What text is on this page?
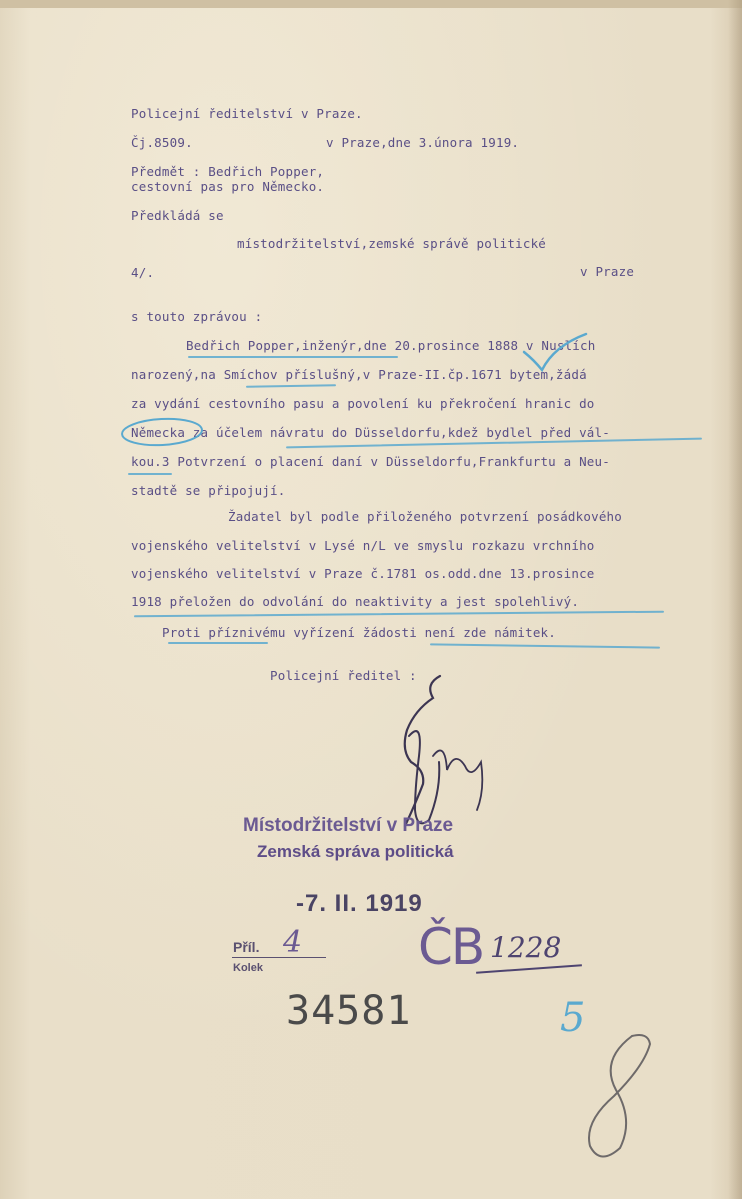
Policejní ředitelství v Praze.
Čj.8509.	v Praze,dne 3.února 1919.
Předmět : Bedřich Popper,
cestovní pas pro Německo.
Předkládá se
místodržitelství,zemské správě politické
4/.	v Praze
s touto zprávou :
Bedřich Popper,inženýr,dne 20.prosince 1888 v Nuslích
narozený,na Smíchov příslušný,v Praze-II.čp.1671 bytem,žádá
za vydání cestovního pasu a povolení ku překročení hranic do
Německa za účelem návratu do Düsseldorfu,kdež bydlel před vál-
kou.3 Potvrzení o placení daní v Düsseldorfu,Frankfurtu a Neu-
stadtě se připojují.
Žadatel byl podle přiloženého potvrzení posádkového
vojenského velitelství v Lysé n/L ve smyslu rozkazu vrchního
vojenského velitelství v Praze č.1781 os.odd.dne 13.prosince
1918 přeložen do odvolání do neaktivity a jest spolehlivý.
Proti příznivému vyřízení žádosti není zde námitek.
Policejní ředitel :
Místodržitelství v Praze
Zemská správa politická
-7. II. 1919
Příl.
Kolek
4 ČB 1228
34581	5
